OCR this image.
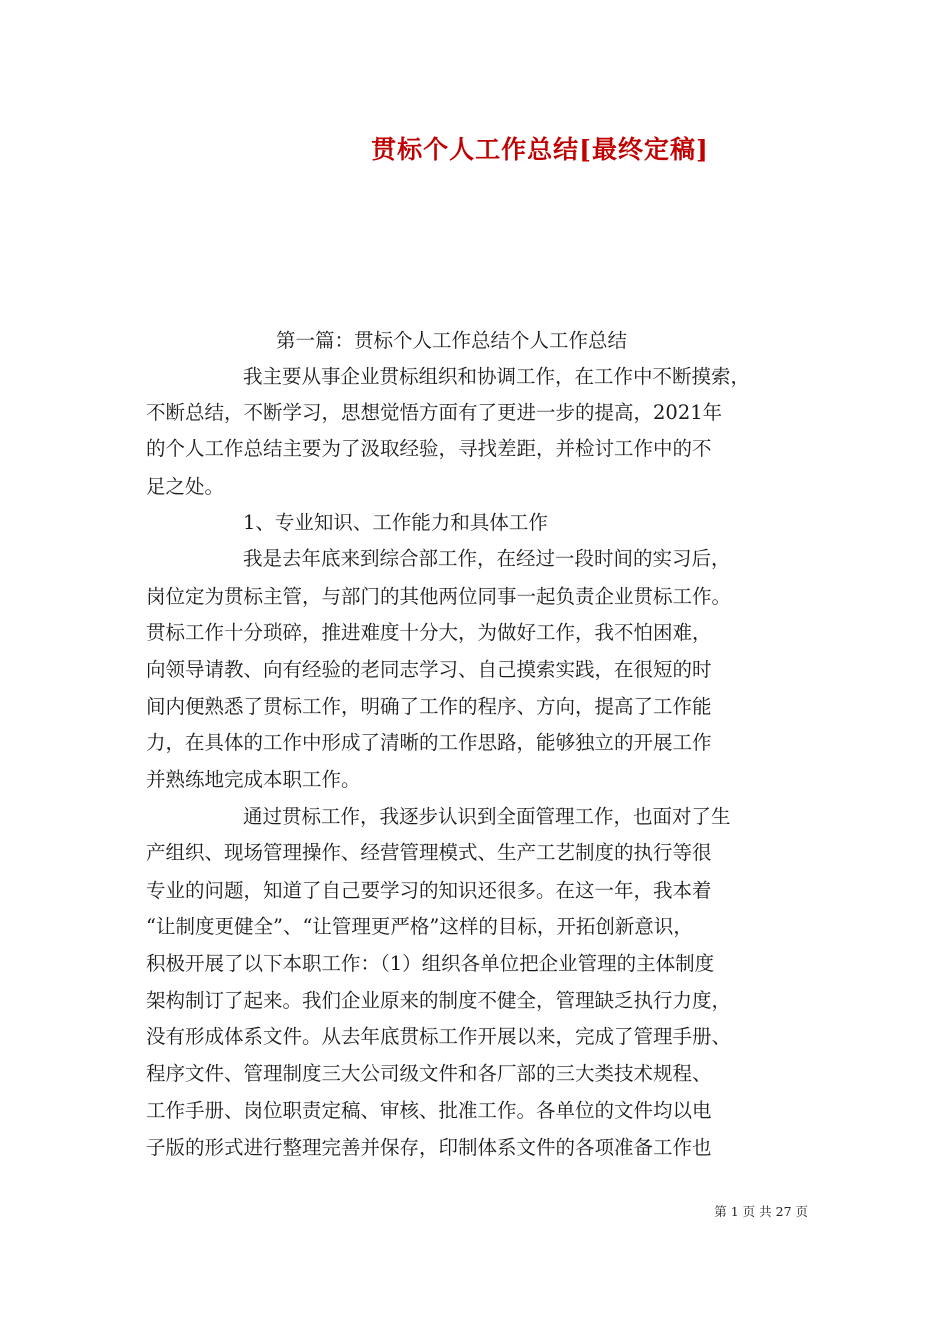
贯标个人工作总结[最终定稿]
第一篇：贯标个人工作总结个人工作总结
我主要从事企业贯标组织和协调工作，在工作中不断摸索，
不断总结，不断学习，思想觉悟方面有了更进一步的提高，2021年
的个人工作总结主要为了汲取经验，寻找差距，并检讨工作中的不
足之处。
1、专业知识、工作能力和具体工作
我是去年底来到综合部工作，在经过一段时间的实习后，
岗位定为贯标主管，与部门的其他两位同事一起负责企业贯标工作。
贯标工作十分琐碎，推进难度十分大，为做好工作，我不怕困难，
向领导请教、向有经验的老同志学习、自己摸索实践，在很短的时
间内便熟悉了贯标工作，明确了工作的程序、方向，提高了工作能
力，在具体的工作中形成了清晰的工作思路，能够独立的开展工作
并熟练地完成本职工作。
通过贯标工作，我逐步认识到全面管理工作，也面对了生
产组织、现场管理操作、经营管理模式、生产工艺制度的执行等很
专业的问题，知道了自己要学习的知识还很多。在这一年，我本着
“让制度更健全”、“让管理更严格”这样的目标，开拓创新意识，
积极开展了以下本职工作：（1）组织各单位把企业管理的主体制度
架构制订了起来。我们企业原来的制度不健全，管理缺乏执行力度，
没有形成体系文件。从去年底贯标工作开展以来，完成了管理手册、
程序文件、管理制度三大公司级文件和各厂部的三大类技术规程、
工作手册、岗位职责定稿、审核、批准工作。各单位的文件均以电
子版的形式进行整理完善并保存，印制体系文件的各项准备工作也
第 1 页 共 27 页
